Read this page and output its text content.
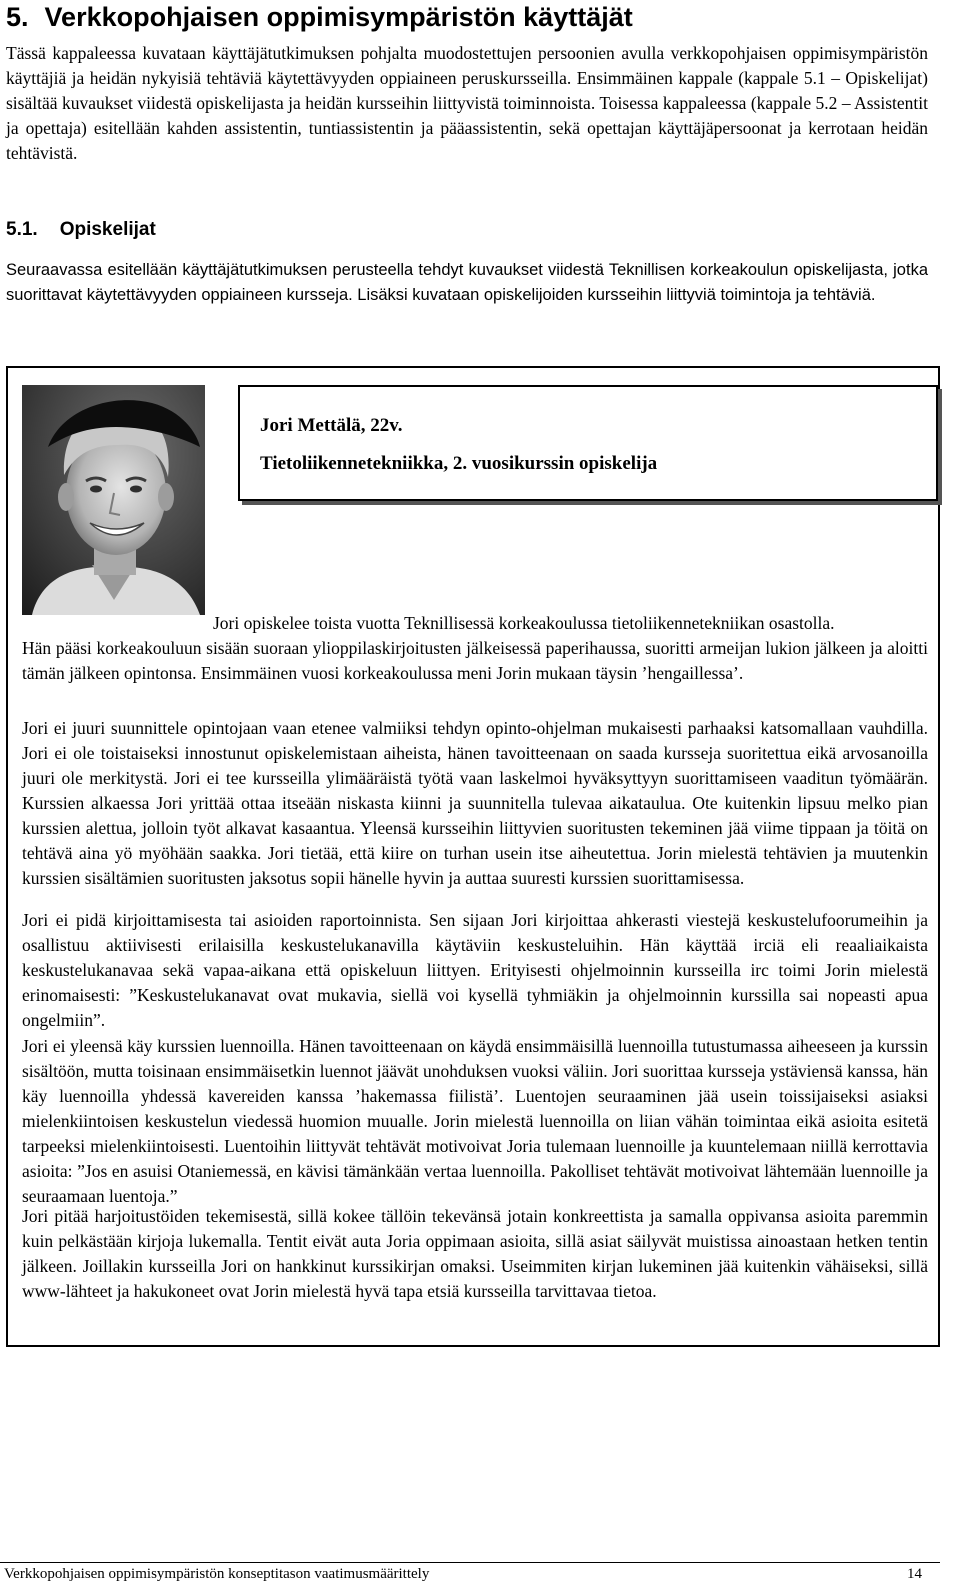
5. Verkkopohjaisen oppimisympäristön käyttäjät

Tässä kappaleessa kuvataan käyttäjätutkimuksen pohjalta muodostettujen persoonien avulla verkkopohjaisen oppimisympäristön käyttäjiä ja heidän nykyisiä tehtäviä käytettävyyden oppiaineen peruskursseilla. Ensimmäinen kappale (kappale 5.1 – Opiskelijat) sisältää kuvaukset viidestä opiskelijasta ja heidän kursseihin liittyvistä toiminnoista. Toisessa kappaleessa (kappale 5.2 – Assistentit ja opettaja) esitellään kahden assistentin, tuntiassistentin ja pääassistentin, sekä opettajan käyttäjäpersoonat ja kerrotaan heidän tehtävistä.

5.1. Opiskelijat

Seuraavassa esitellään käyttäjätutkimuksen perusteella tehdyt kuvaukset viidestä Teknillisen korkeakoulun opiskelijasta, jotka suorittavat käytettävyyden oppiaineen kursseja. Lisäksi kuvataan opiskelijoiden kursseihin liittyviä toimintoja ja tehtäviä.

Jori Mettälä, 22v.
Tietoliikennetekniikka, 2. vuosikurssin opiskelija

Jori opiskelee toista vuotta Teknillisessä korkeakoulussa tietoliikennetekniikan osastolla.

Hän pääsi korkeakouluun sisään suoraan ylioppilaskirjoitusten jälkeisessä paperihaussa, suoritti armeijan lukion jälkeen ja aloitti tämän jälkeen opintonsa. Ensimmäinen vuosi korkeakoulussa meni Jorin mukaan täysin ’hengaillessa’.

Jori ei juuri suunnittele opintojaan vaan etenee valmiiksi tehdyn opinto-ohjelman mukaisesti parhaaksi katsomallaan vauhdilla. Jori ei ole toistaiseksi innostunut opiskelemistaan aiheista, hänen tavoitteenaan on saada kursseja suoritettua eikä arvosanoilla juuri ole merkitystä. Jori ei tee kursseilla ylimääräistä työtä vaan laskelmoi hyväksyttyyn suorittamiseen vaaditun työmäärän. Kurssien alkaessa Jori yrittää ottaa itseään niskasta kiinni ja suunnitella tulevaa aikataulua. Ote kuitenkin lipsuu melko pian kurssien alettua, jolloin työt alkavat kasaantua. Yleensä kursseihin liittyvien suoritusten tekeminen jää viime tippaan ja töitä on tehtävä aina yö myöhään saakka. Jori tietää, että kiire on turhan usein itse aiheutettua. Jorin mielestä tehtävien ja muutenkin kurssien sisältämien suoritusten jaksotus sopii hänelle hyvin ja auttaa suuresti kurssien suorittamisessa.

Jori ei pidä kirjoittamisesta tai asioiden raportoinnista. Sen sijaan Jori kirjoittaa ahkerasti viestejä keskustelufoorumeihin ja osallistuu aktiivisesti erilaisilla keskustelukanavilla käytäviin keskusteluihin. Hän käyttää irciä eli reaaliaikaista keskustelukanavaa sekä vapaa-aikana että opiskeluun liittyen. Erityisesti ohjelmoinnin kursseilla irc toimi Jorin mielestä erinomaisesti: ”Keskustelukanavat ovat mukavia, siellä voi kysellä tyhmiäkin ja ohjelmoinnin kurssilla sai nopeasti apua ongelmiin”.

Jori ei yleensä käy kurssien luennoilla. Hänen tavoitteenaan on käydä ensimmäisillä luennoilla tutustumassa aiheeseen ja kurssin sisältöön, mutta toisinaan ensimmäisetkin luennot jäävät unohduksen vuoksi väliin. Jori suorittaa kursseja ystäviensä kanssa, hän käy luennoilla yhdessä kavereiden kanssa ’hakemassa fiilistä’. Luentojen seuraaminen jää usein toissijaiseksi asiaksi mielenkiintoisen keskustelun viedessä huomion muualle. Jorin mielestä luennoilla on liian vähän toimintaa eikä asioita esitetä tarpeeksi mielenkiintoisesti. Luentoihin liittyvät tehtävät motivoivat Joria tulemaan luennoille ja kuuntelemaan niillä kerrottavia asioita: ”Jos en asuisi Otaniemessä, en kävisi tämänkään vertaa luennoilla. Pakolliset tehtävät motivoivat lähtemään luennoille ja seuraamaan luentoja.”

Jori pitää harjoitustöiden tekemisestä, sillä kokee tällöin tekevänsä jotain konkreettista ja samalla oppivansa asioita paremmin kuin pelkästään kirjoja lukemalla. Tentit eivät auta Joria oppimaan asioita, sillä asiat säilyvät muistissa ainoastaan hetken tentin jälkeen. Joillakin kursseilla Jori on hankkinut kurssikirjan omaksi. Useimmiten kirjan lukeminen jää kuitenkin vähäiseksi, sillä www-lähteet ja hakukoneet ovat Jorin mielestä hyvä tapa etsiä kursseilla tarvittavaa tietoa.

Verkkopohjaisen oppimisympäristön konseptitason vaatimusmäärittely	14
